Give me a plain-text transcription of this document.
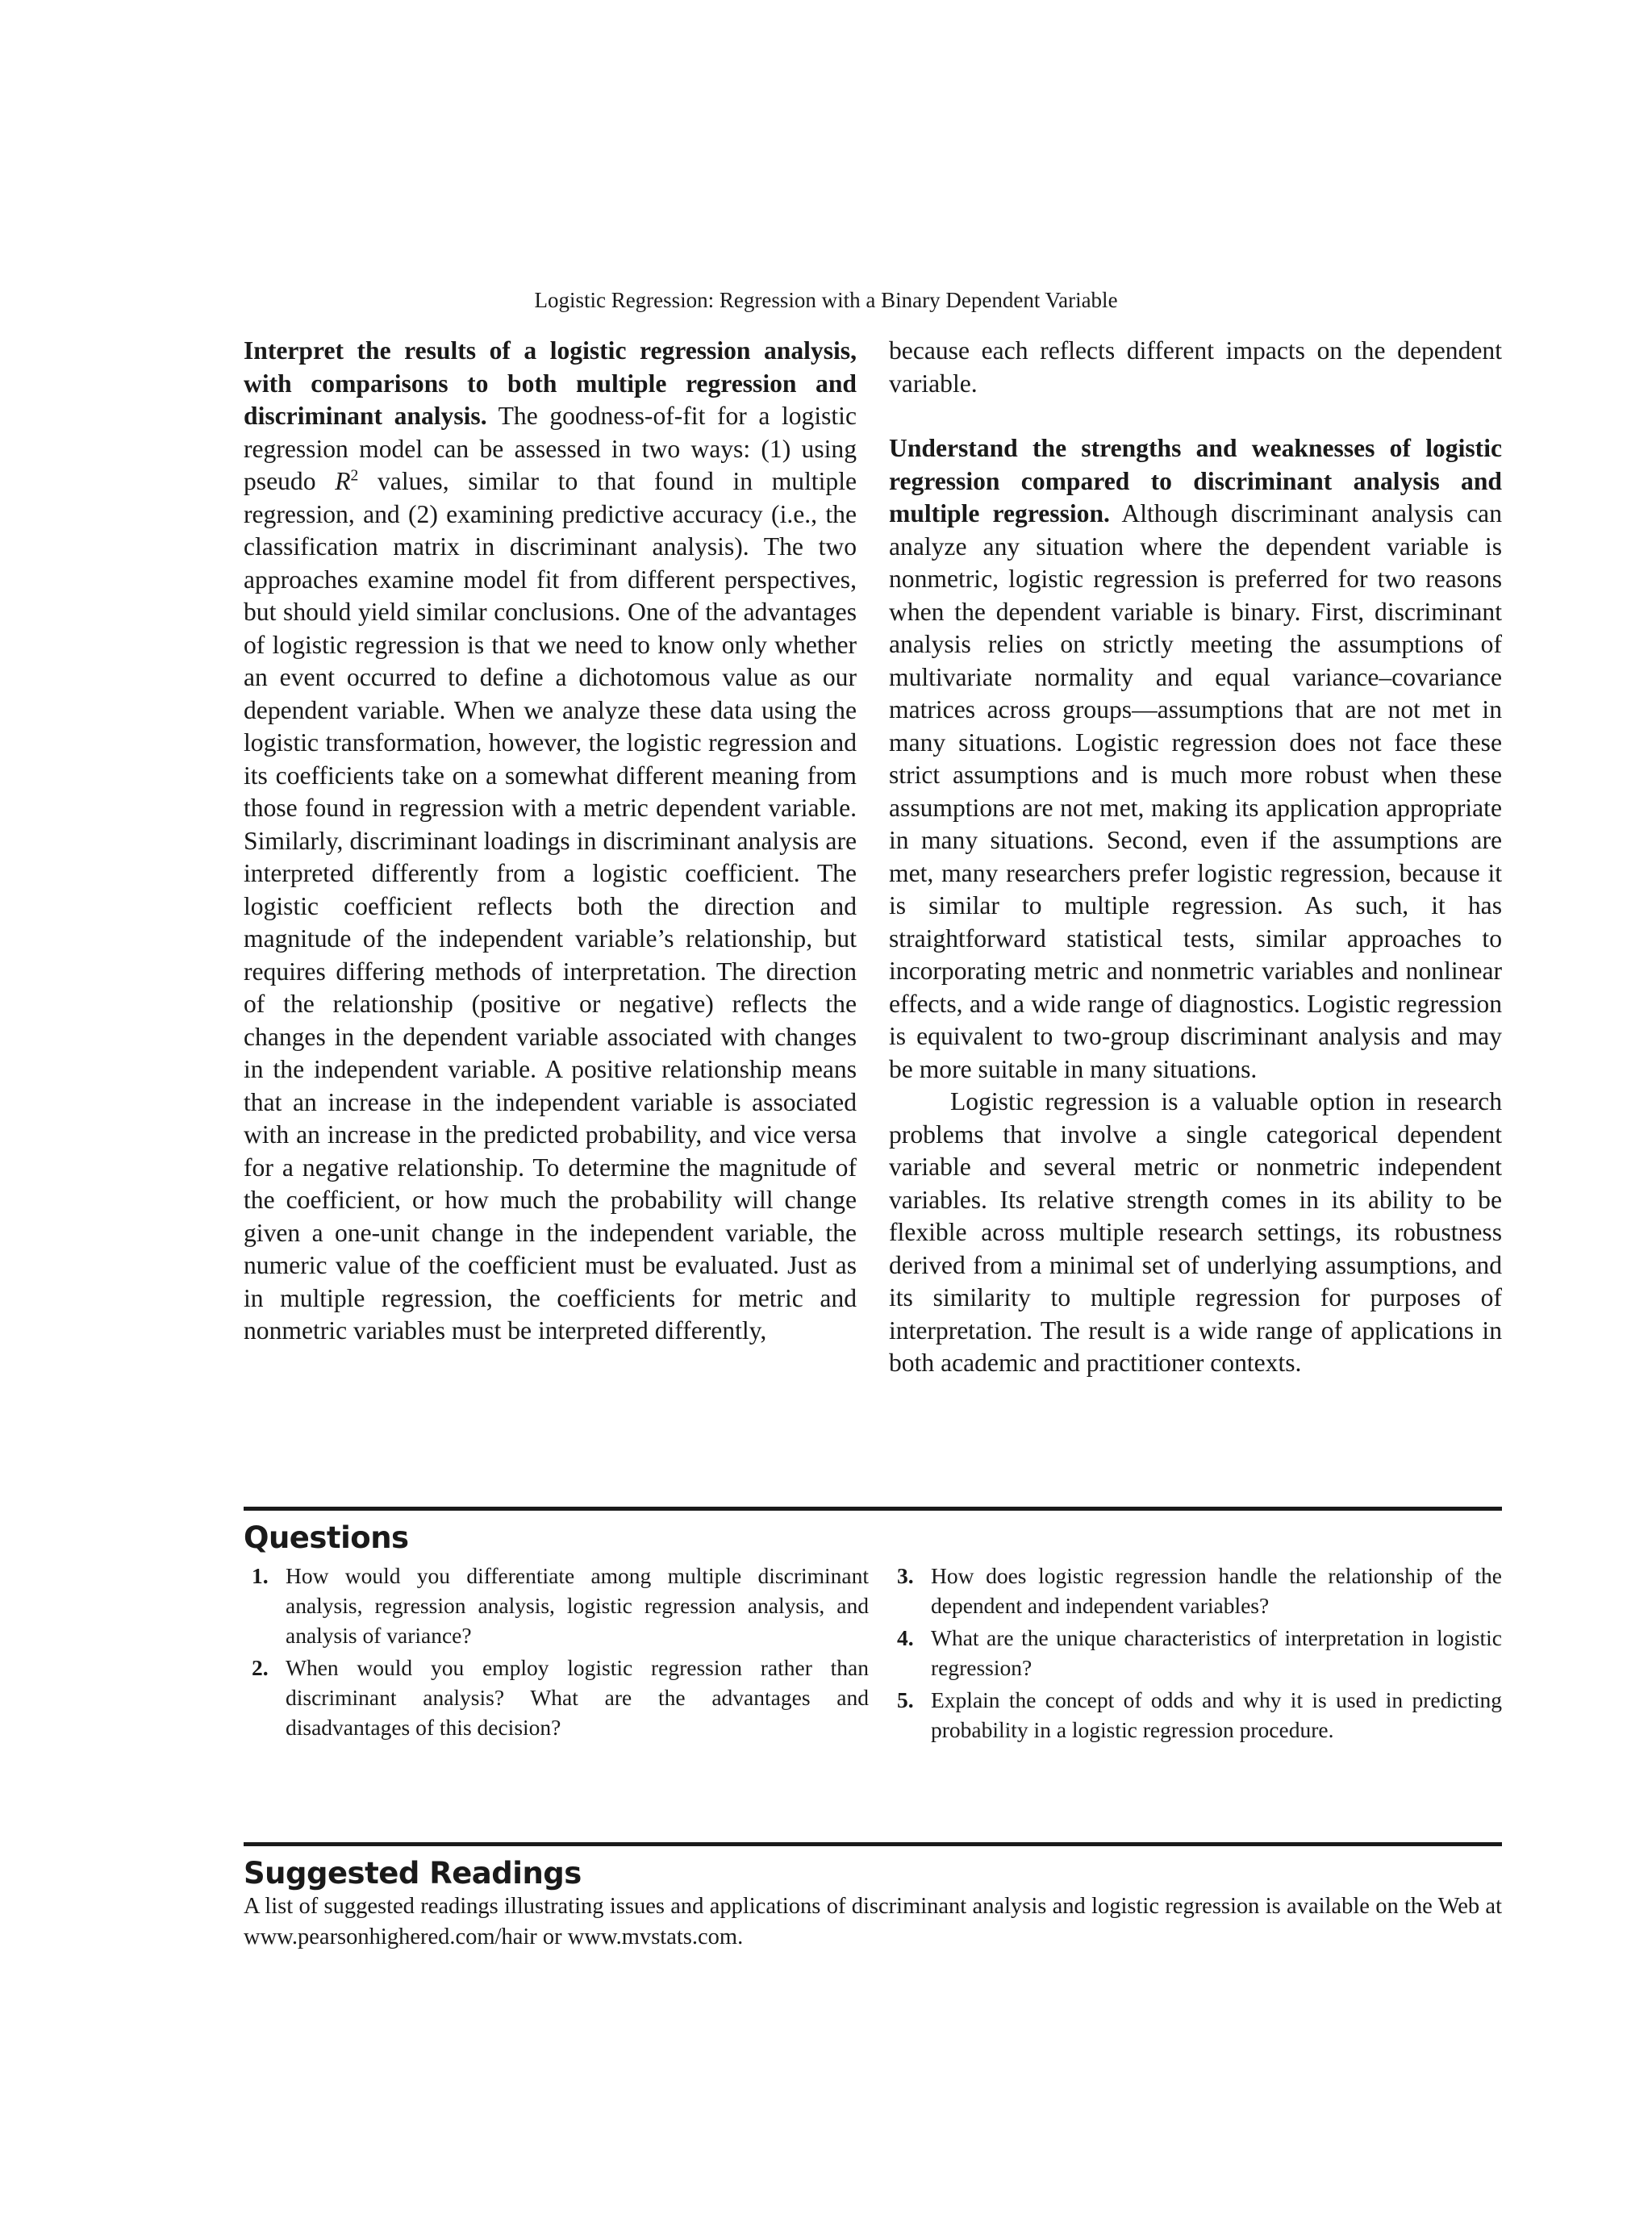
Logistic Regression: Regression with a Binary Dependent Variable

Interpret the results of a logistic regression analysis, with comparisons to both multiple regression and discriminant analysis. The goodness-of-fit for a logistic regression model can be assessed in two ways: (1) using pseudo $R^2$ values, similar to that found in multiple regression, and (2) examining predictive accuracy (i.e., the classification matrix in discriminant analysis). The two approaches examine model fit from different perspectives, but should yield similar conclusions. One of the advantages of logistic regression is that we need to know only whether an event occurred to define a dichotomous value as our dependent variable. When we analyze these data using the logistic transformation, however, the logistic regression and its coefficients take on a somewhat different meaning from those found in regression with a metric dependent variable. Similarly, discriminant loadings in discriminant analysis are interpreted differently from a logistic coefficient. The logistic coefficient reflects both the direction and magnitude of the independent variable’s relationship, but requires differing methods of interpretation. The direction of the relationship (positive or negative) reflects the changes in the dependent variable associated with changes in the independent variable. A positive relationship means that an increase in the independent variable is associated with an increase in the predicted probability, and vice versa for a negative relationship. To determine the magnitude of the coefficient, or how much the probability will change given a one-unit change in the independent variable, the numeric value of the coefficient must be evaluated. Just as in multiple regression, the coefficients for metric and nonmetric variables must be interpreted differently,

because each reflects different impacts on the dependent variable.

Understand the strengths and weaknesses of logistic regression compared to discriminant analysis and multiple regression. Although discriminant analysis can analyze any situation where the dependent variable is nonmetric, logistic regression is preferred for two reasons when the dependent variable is binary. First, discriminant analysis relies on strictly meeting the assumptions of multivariate normality and equal variance–covariance matrices across groups—assumptions that are not met in many situations. Logistic regression does not face these strict assumptions and is much more robust when these assumptions are not met, making its application appropriate in many situations. Second, even if the assumptions are met, many researchers prefer logistic regression, because it is similar to multiple regression. As such, it has straightforward statistical tests, similar approaches to incorporating metric and nonmetric variables and nonlinear effects, and a wide range of diagnostics. Logistic regression is equivalent to two-group discriminant analysis and may be more suitable in many situations.

Logistic regression is a valuable option in research problems that involve a single categorical dependent variable and several metric or nonmetric independent variables. Its relative strength comes in its ability to be flexible across multiple research settings, its robustness derived from a minimal set of underlying assumptions, and its similarity to multiple regression for purposes of interpretation. The result is a wide range of applications in both academic and practitioner contexts.

Questions
1. How would you differentiate among multiple discriminant analysis, regression analysis, logistic regression analysis, and analysis of variance?
2. When would you employ logistic regression rather than discriminant analysis? What are the advantages and disadvantages of this decision?
3. How does logistic regression handle the relationship of the dependent and independent variables?
4. What are the unique characteristics of interpretation in logistic regression?
5. Explain the concept of odds and why it is used in predicting probability in a logistic regression procedure.
Suggested Readings

A list of suggested readings illustrating issues and applications of discriminant analysis and logistic regression is available on the Web at www.pearsonhighered.com/hair or www.mvstats.com.
